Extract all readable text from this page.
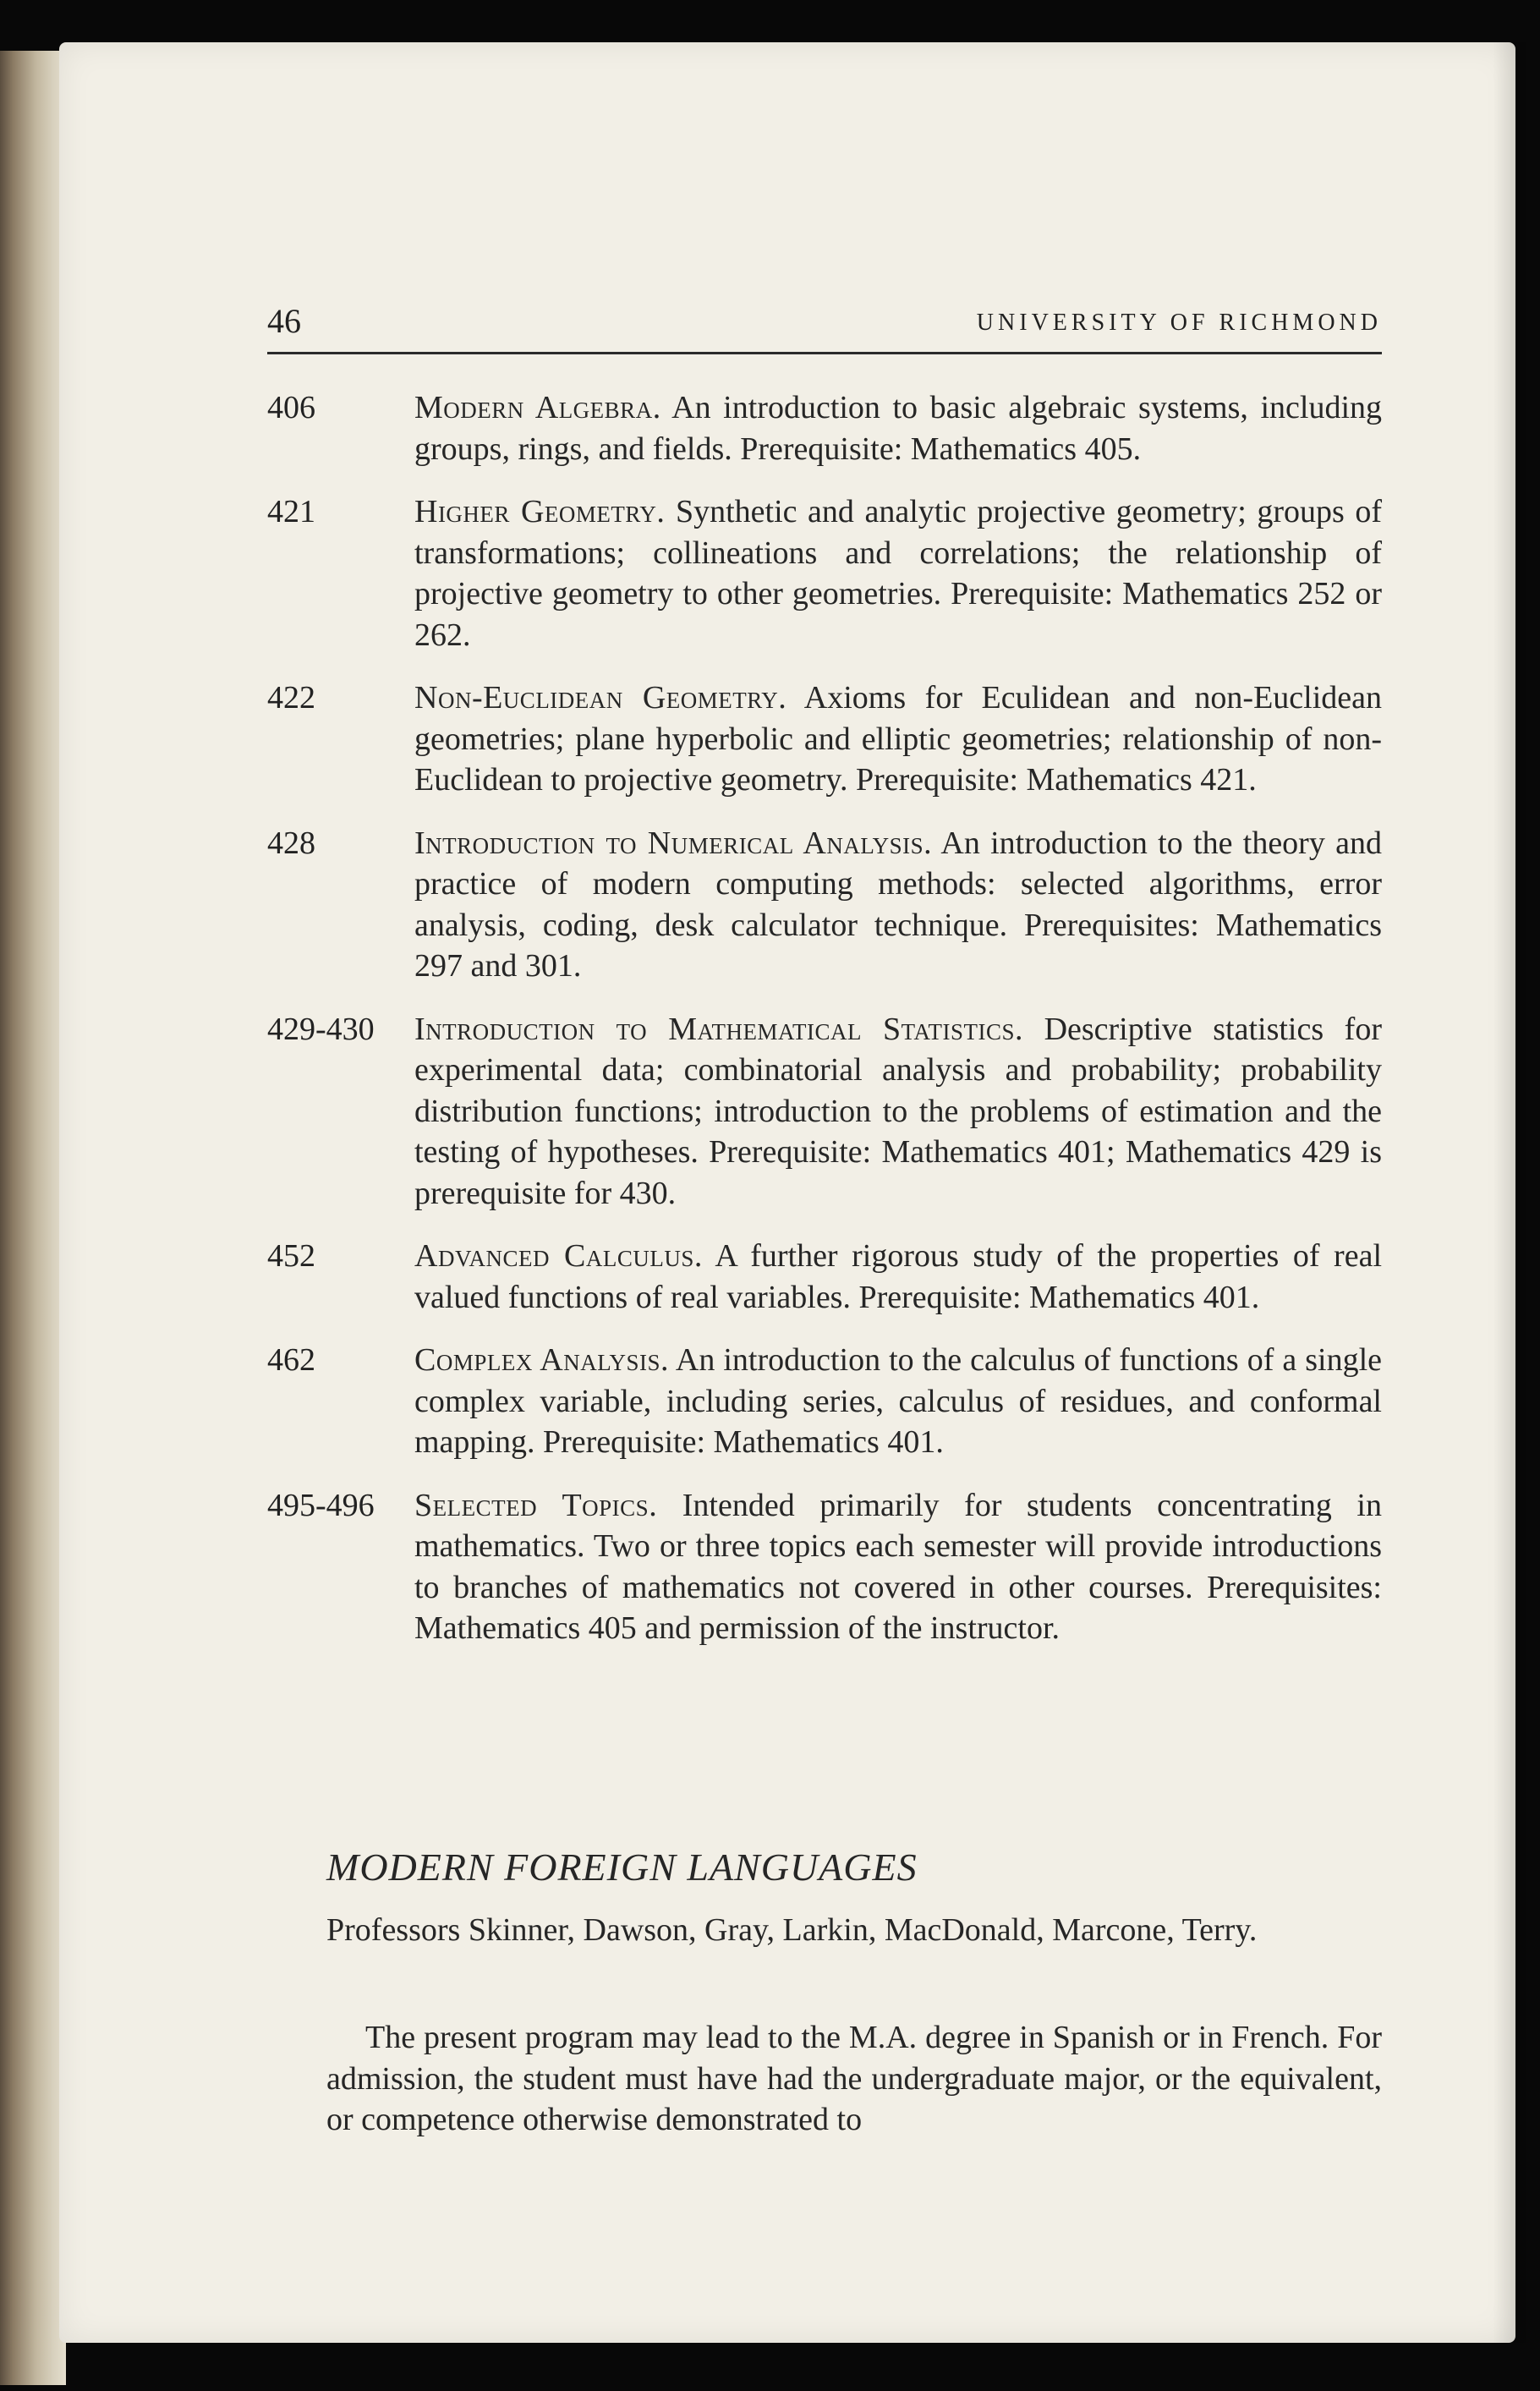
46	UNIVERSITY OF RICHMOND
406	Modern Algebra. An introduction to basic algebraic systems, including groups, rings, and fields. Prerequisite: Mathematics 405.
421	Higher Geometry. Synthetic and analytic projective geometry; groups of transformations; collineations and correlations; the relationship of projective geometry to other geometries. Prerequisite: Mathematics 252 or 262.
422	Non-Euclidean Geometry. Axioms for Eculidean and non-Euclidean geometries; plane hyperbolic and elliptic geometries; relationship of non-Euclidean to projective geometry. Prerequisite: Mathematics 421.
428	Introduction to Numerical Analysis. An introduction to the theory and practice of modern computing methods: selected algorithms, error analysis, coding, desk calculator technique. Prerequisites: Mathematics 297 and 301.
429-430	Introduction to Mathematical Statistics. Descriptive statistics for experimental data; combinatorial analysis and probability; probability distribution functions; introduction to the problems of estimation and the testing of hypotheses. Prerequisite: Mathematics 401; Mathematics 429 is prerequisite for 430.
452	Advanced Calculus. A further rigorous study of the properties of real valued functions of real variables. Prerequisite: Mathematics 401.
462	Complex Analysis. An introduction to the calculus of functions of a single complex variable, including series, calculus of residues, and conformal mapping. Prerequisite: Mathematics 401.
495-496	Selected Topics. Intended primarily for students concentrating in mathematics. Two or three topics each semester will provide introductions to branches of mathematics not covered in other courses. Prerequisites: Mathematics 405 and permission of the instructor.
MODERN FOREIGN LANGUAGES
Professors Skinner, Dawson, Gray, Larkin, MacDonald, Marcone, Terry.
The present program may lead to the M.A. degree in Spanish or in French. For admission, the student must have had the undergraduate major, or the equivalent, or competence otherwise demonstrated to
